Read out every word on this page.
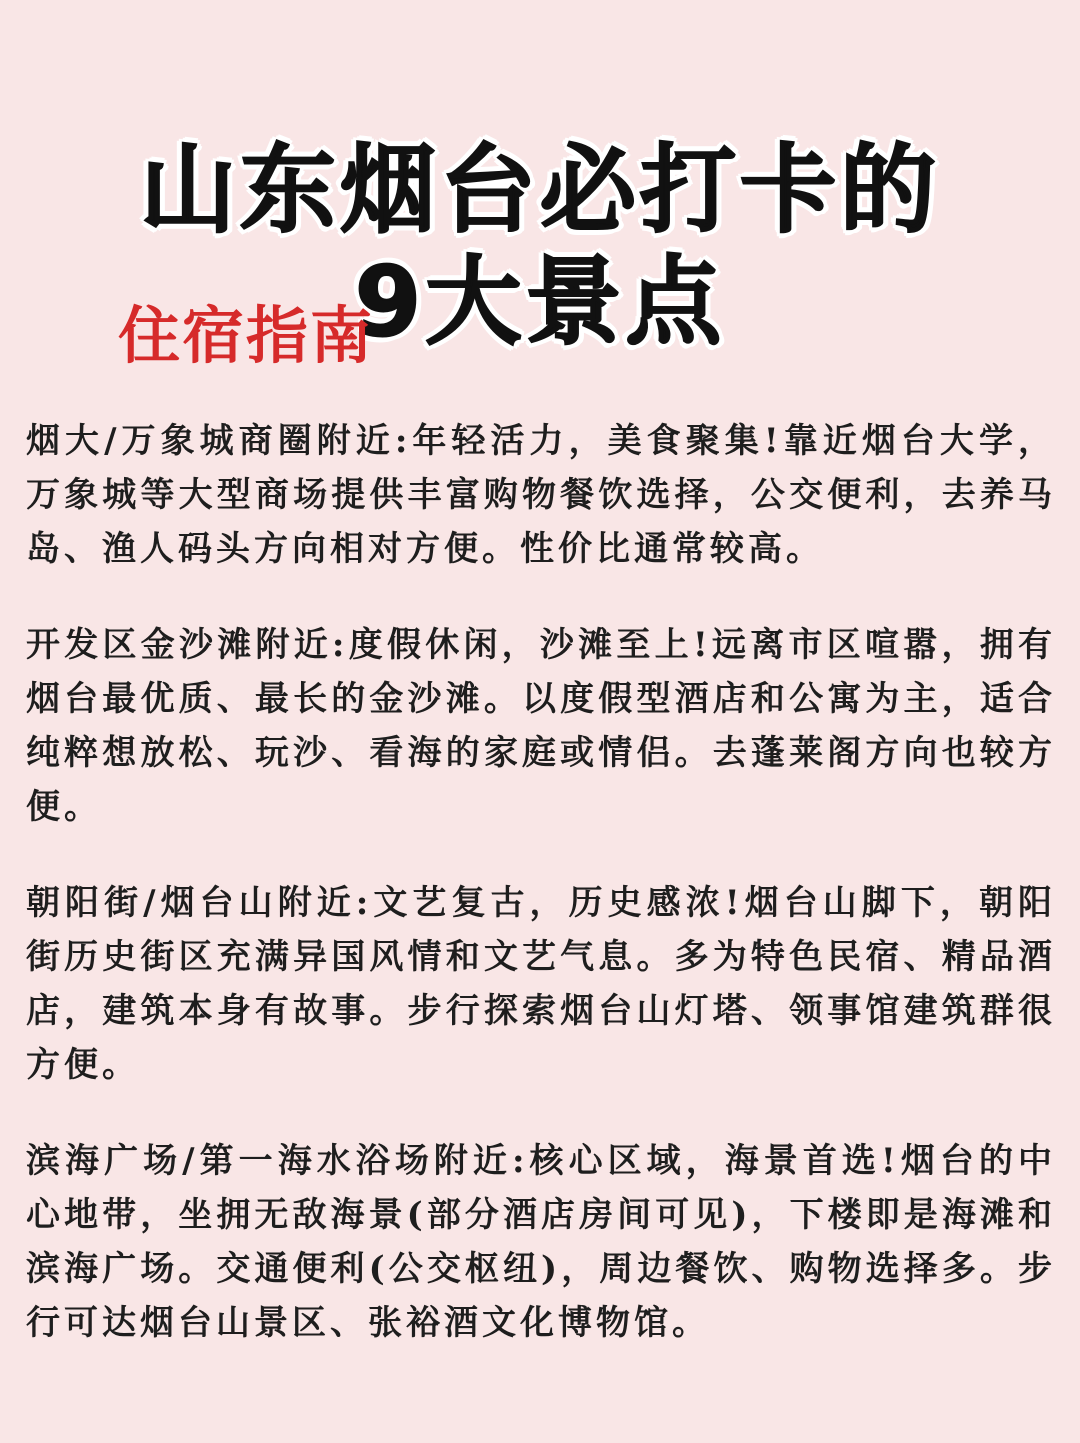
山东烟台必打卡的
9大景点
住宿指南

烟大/万象城商圈附近:年轻活力，美食聚集!靠近烟台大学，万象城等大型商场提供丰富购物餐饮选择，公交便利，去养马岛、渔人码头方向相对方便。性价比通常较高。

开发区金沙滩附近:度假休闲，沙滩至上!远离市区喧嚣，拥有烟台最优质、最长的金沙滩。以度假型酒店和公寓为主，适合纯粹想放松、玩沙、看海的家庭或情侣。去蓬莱阁方向也较方便。

朝阳街/烟台山附近:文艺复古，历史感浓!烟台山脚下，朝阳街历史街区充满异国风情和文艺气息。多为特色民宿、精品酒店，建筑本身有故事。步行探索烟台山灯塔、领事馆建筑群很方便。

滨海广场/第一海水浴场附近:核心区域，海景首选!烟台的中心地带，坐拥无敌海景(部分酒店房间可见)，下楼即是海滩和滨海广场。交通便利(公交枢纽)，周边餐饮、购物选择多。步行可达烟台山景区、张裕酒文化博物馆。
